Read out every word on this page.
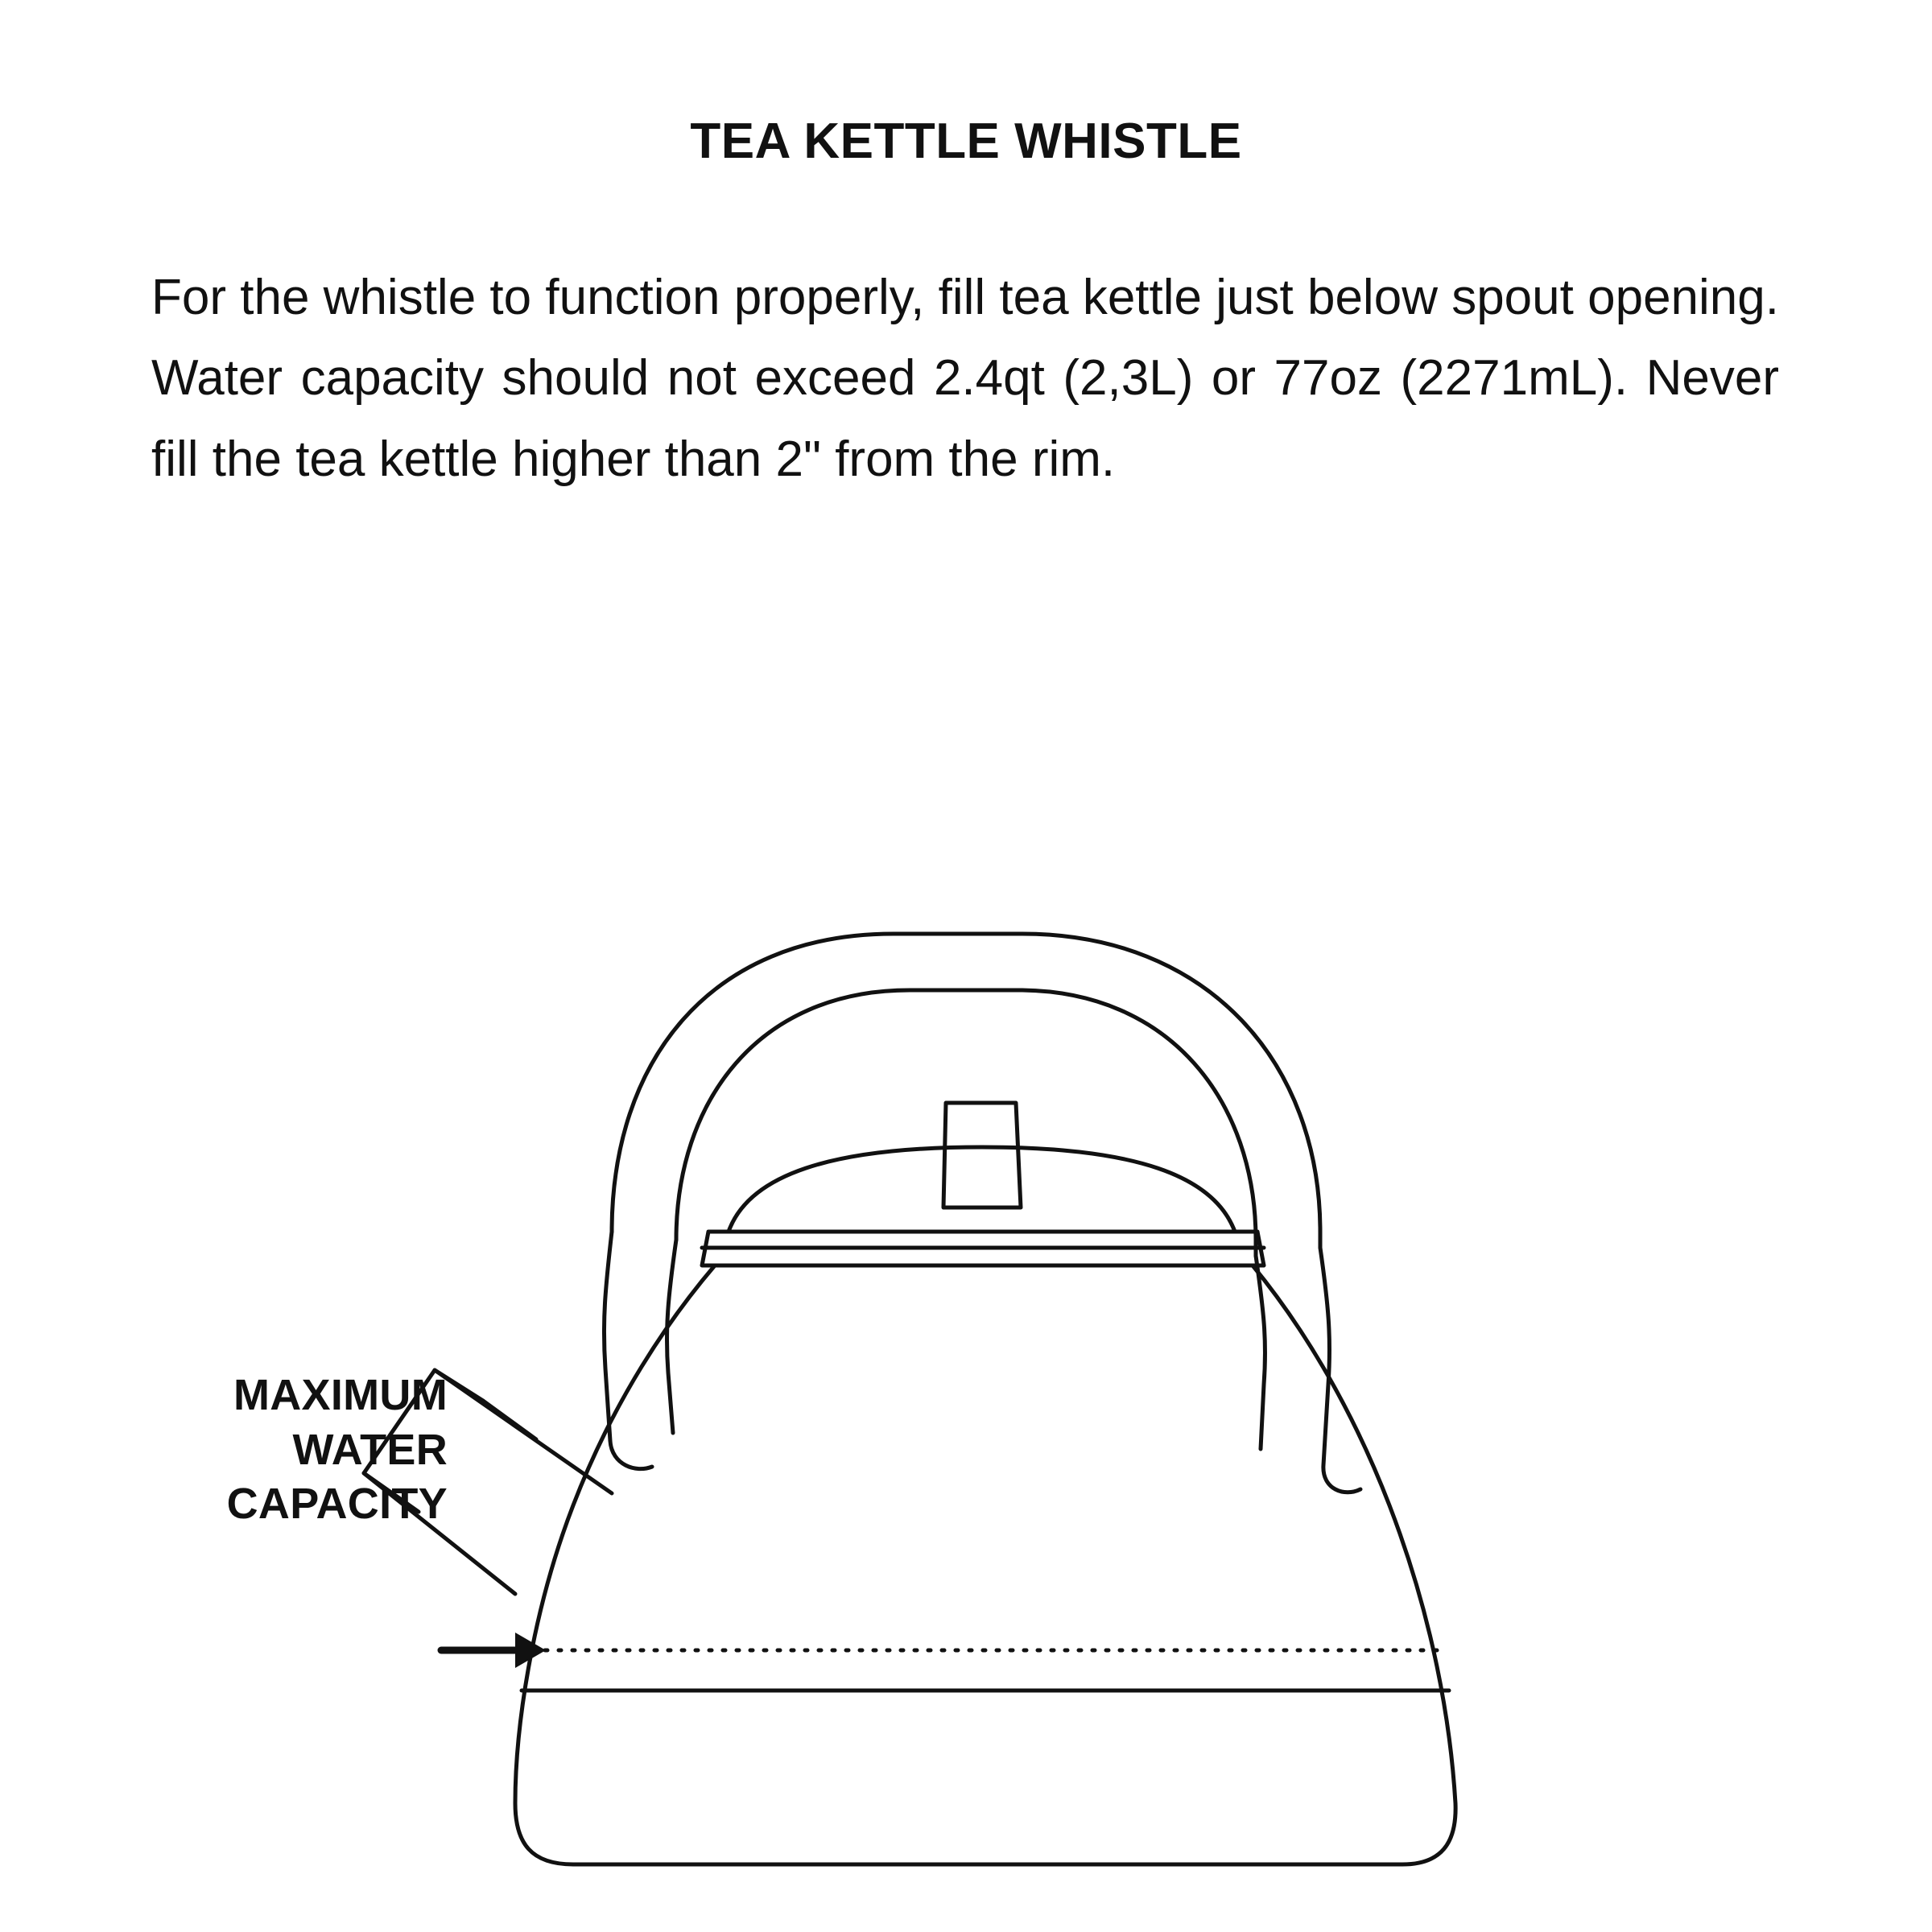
TEA KETTLE WHISTLE
For the whistle to function properly, fill tea kettle just below spout opening. Water capacity should not exceed 2.4qt (2,3L) or 77oz (2271mL). Never fill the tea kettle higher than 2" from the rim.
MAXIMUM
WATER
CAPACITY
